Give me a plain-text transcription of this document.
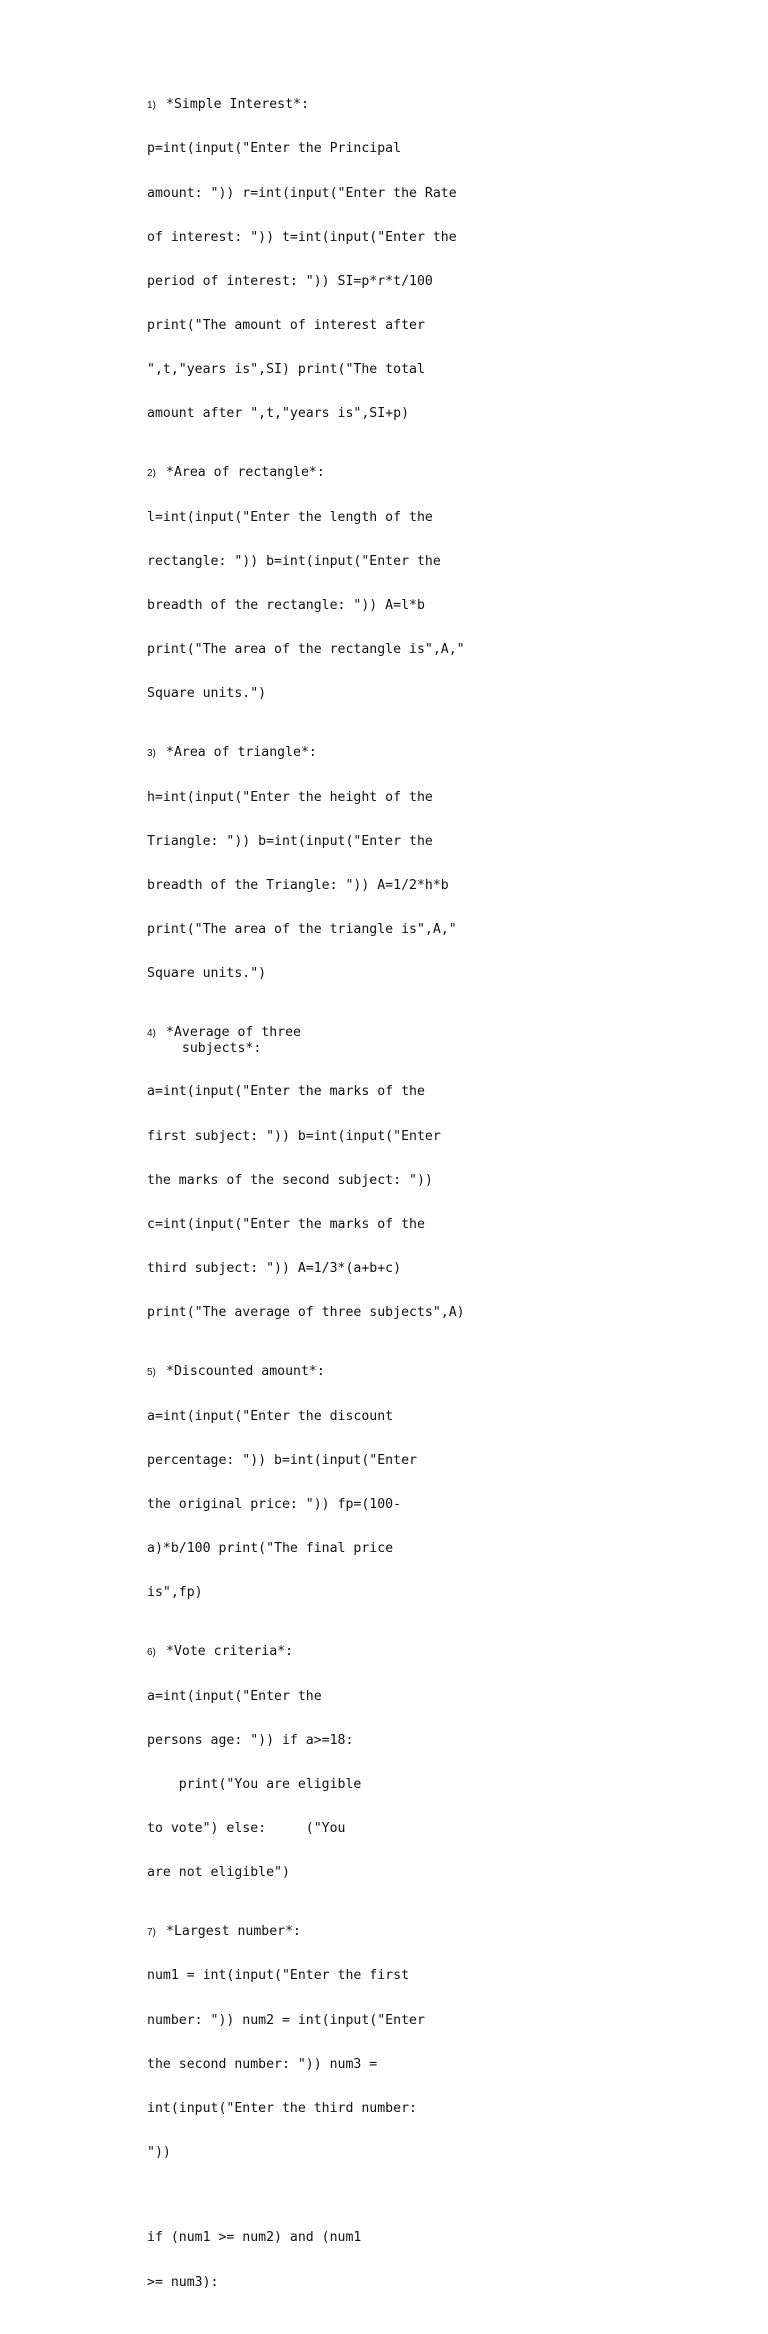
1) *Simple Interest*:

p=int(input("Enter the Principal

amount: ")) r=int(input("Enter the Rate

of interest: ")) t=int(input("Enter the

period of interest: ")) SI=p*r*t/100

print("The amount of interest after

",t,"years is",SI) print("The total

amount after ",t,"years is",SI+p)

2) *Area of rectangle*:

l=int(input("Enter the length of the

rectangle: ")) b=int(input("Enter the

breadth of the rectangle: ")) A=l*b

print("The area of the rectangle is",A,"

Square units.")

3) *Area of triangle*:

h=int(input("Enter the height of the

Triangle: ")) b=int(input("Enter the

breadth of the Triangle: ")) A=1/2*h*b

print("The area of the triangle is",A,"

Square units.")

4) *Average of three
subjects*:

a=int(input("Enter the marks of the

first subject: ")) b=int(input("Enter

the marks of the second subject: "))

c=int(input("Enter the marks of the

third subject: ")) A=1/3*(a+b+c)

print("The average of three subjects",A)

5) *Discounted amount*:

a=int(input("Enter the discount

percentage: ")) b=int(input("Enter

the original price: ")) fp=(100-

a)*b/100 print("The final price

is",fp)

6) *Vote criteria*:

a=int(input("Enter the

persons age: ")) if a>=18:

print("You are eligible

to vote") else:     ("You

are not eligible")

7) *Largest number*:

num1 = int(input("Enter the first

number: ")) num2 = int(input("Enter

the second number: ")) num3 =

int(input("Enter the third number:

"))

if (num1 >= num2) and (num1

>= num3):
